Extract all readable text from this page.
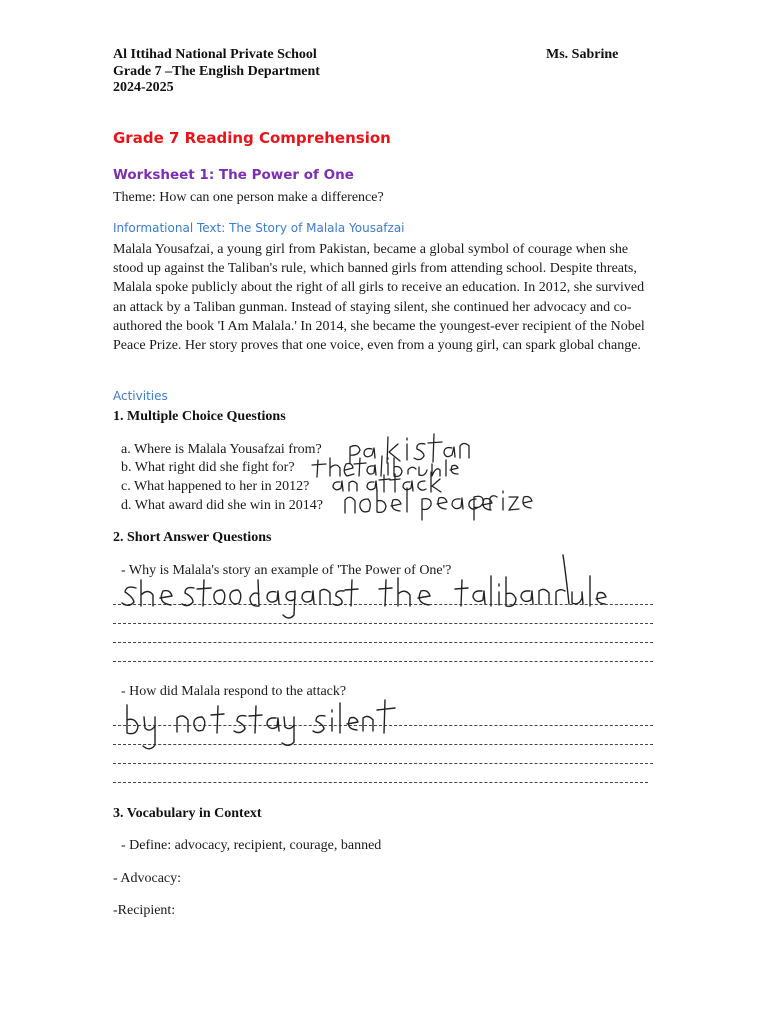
Al Ittihad National Private School
Grade 7 –The English Department
2024-2025
Ms. Sabrine
Grade 7 Reading Comprehension
Worksheet 1: The Power of One
Theme: How can one person make a difference?
Informational Text: The Story of Malala Yousafzai
Malala Yousafzai, a young girl from Pakistan, became a global symbol of courage when she stood up against the Taliban's rule, which banned girls from attending school. Despite threats, Malala spoke publicly about the right of all girls to receive an education. In 2012, she survived an attack by a Taliban gunman. Instead of staying silent, she continued her advocacy and co-authored the book 'I Am Malala.' In 2014, she became the youngest-ever recipient of the Nobel Peace Prize. Her story proves that one voice, even from a young girl, can spark global change.
Activities
1. Multiple Choice Questions
a. Where is Malala Yousafzai from?
b. What right did she fight for?
c. What happened to her in 2012?
d. What award did she win in 2014?
2. Short Answer Questions
- Why is Malala's story an example of 'The Power of One'?
- How did Malala respond to the attack?
3. Vocabulary in Context
- Define: advocacy, recipient, courage, banned
- Advocacy:
-Recipient:
